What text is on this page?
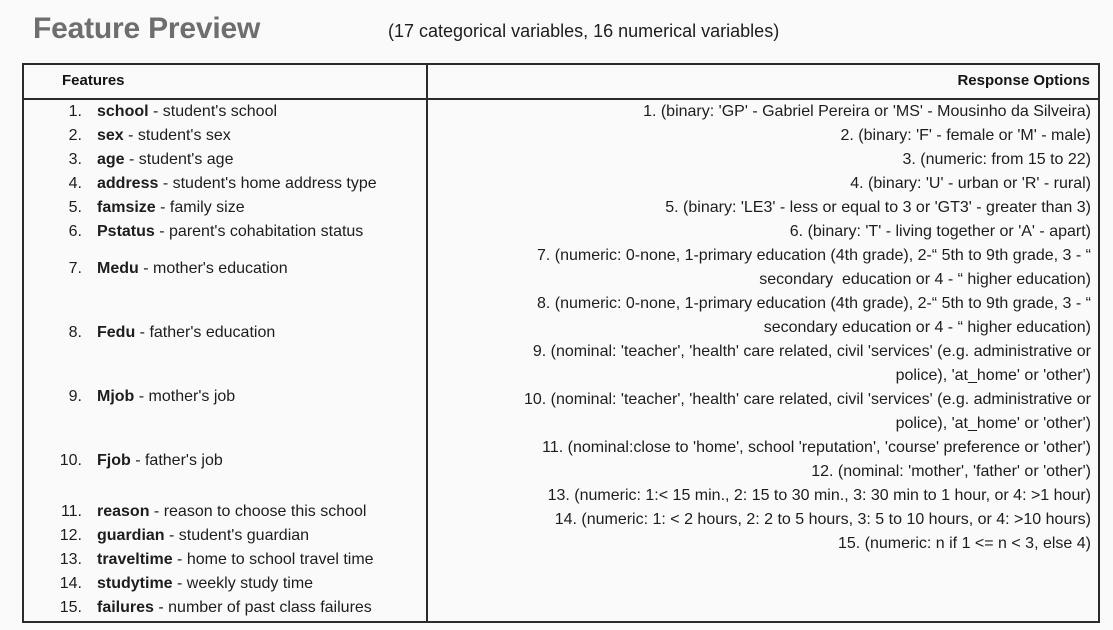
Feature Preview	(17 categorical variables, 16 numerical variables)
Features	Response Options
1. school - student's school
2. sex - student's sex
3. age - student's age
4. address - student's home address type
5. famsize - family size
6. Pstatus - parent's cohabitation status
7. Medu - mother's education
8. Fedu - father's education
9. Mjob - mother's job
10. Fjob - father's job
11. reason - reason to choose this school
12. guardian - student's guardian
13. traveltime - home to school travel time
14. studytime - weekly study time
15. failures - number of past class failures
1. (binary: 'GP' - Gabriel Pereira or 'MS' - Mousinho da Silveira)
2. (binary: 'F' - female or 'M' - male)
3. (numeric: from 15 to 22)
4. (binary: 'U' - urban or 'R' - rural)
5. (binary: 'LE3' - less or equal to 3 or 'GT3' - greater than 3)
6. (binary: 'T' - living together or 'A' - apart)
7. (numeric: 0-none, 1-primary education (4th grade), 2-“ 5th to 9th grade, 3 - “
secondary  education or 4 - “ higher education)
8. (numeric: 0-none, 1-primary education (4th grade), 2-“ 5th to 9th grade, 3 - “
secondary education or 4 - “ higher education)
9. (nominal: 'teacher', 'health' care related, civil 'services' (e.g. administrative or
police), 'at_home' or 'other')
10. (nominal: 'teacher', 'health' care related, civil 'services' (e.g. administrative or
police), 'at_home' or 'other')
11. (nominal:close to 'home', school 'reputation', 'course' preference or 'other')
12. (nominal: 'mother', 'father' or 'other')
13. (numeric: 1:< 15 min., 2: 15 to 30 min., 3: 30 min to 1 hour, or 4: >1 hour)
14. (numeric: 1: < 2 hours, 2: 2 to 5 hours, 3: 5 to 10 hours, or 4: >10 hours)
15. (numeric: n if 1 <= n < 3, else 4)
